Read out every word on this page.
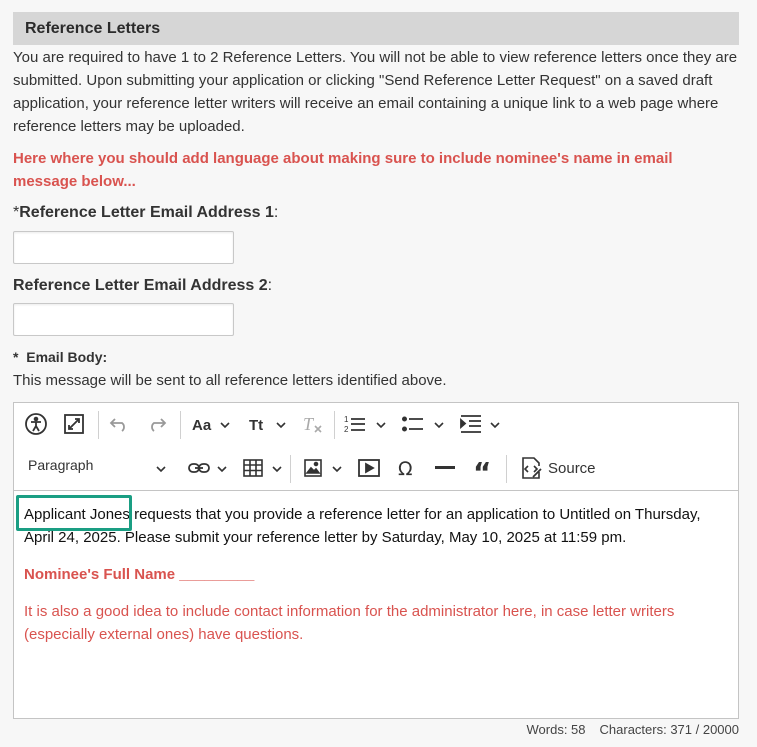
Reference Letters
You are required to have 1 to 2 Reference Letters. You will not be able to view reference letters once they are submitted. Upon submitting your application or clicking "Send Reference Letter Request" on a saved draft application, your reference letter writers will receive an email containing a unique link to a web page where reference letters may be uploaded.
Here where you should add language about making sure to include nominee's name in email message below...
*Reference Letter Email Address 1:
Reference Letter Email Address 2:
* Email Body:
This message will be sent to all reference letters identified above.
Aa	Tt T	1
2
Paragraph	Ω “	Source

Applicant Jones requests that you provide a reference letter for an application to Untitled on Thursday, April 24, 2025. Please submit your reference letter by Saturday, May 10, 2025 at 11:59 pm.

Nominee's Full Name _________

It is also a good idea to include contact information for the administrator here, in case letter writers (especially external ones) have questions.

Words: 58 Characters: 371 / 20000
